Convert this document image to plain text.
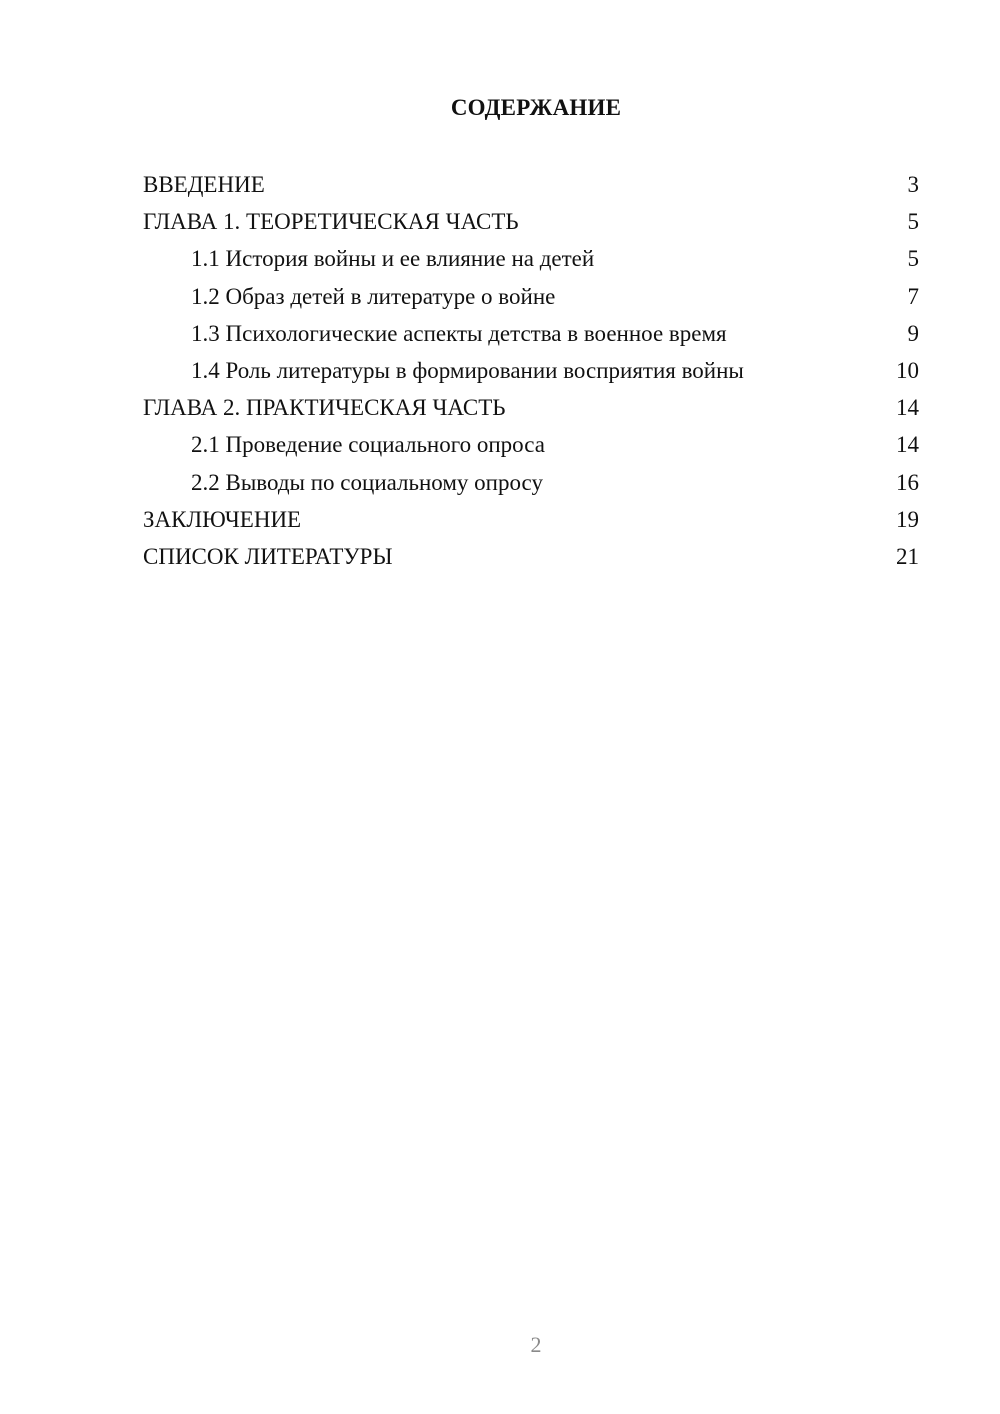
СОДЕРЖАНИЕ
ВВЕДЕНИЕ	3
ГЛАВА 1. ТЕОРЕТИЧЕСКАЯ ЧАСТЬ	5
1.1 История войны и ее влияние на детей	5
1.2 Образ детей в литературе о войне	7
1.3 Психологические аспекты детства в военное время	9
1.4 Роль литературы в формировании восприятия войны	10
ГЛАВА 2. ПРАКТИЧЕСКАЯ ЧАСТЬ	14
2.1 Проведение социального опроса	14
2.2 Выводы по социальному опросу	16
ЗАКЛЮЧЕНИЕ	19
СПИСОК ЛИТЕРАТУРЫ	21
2
